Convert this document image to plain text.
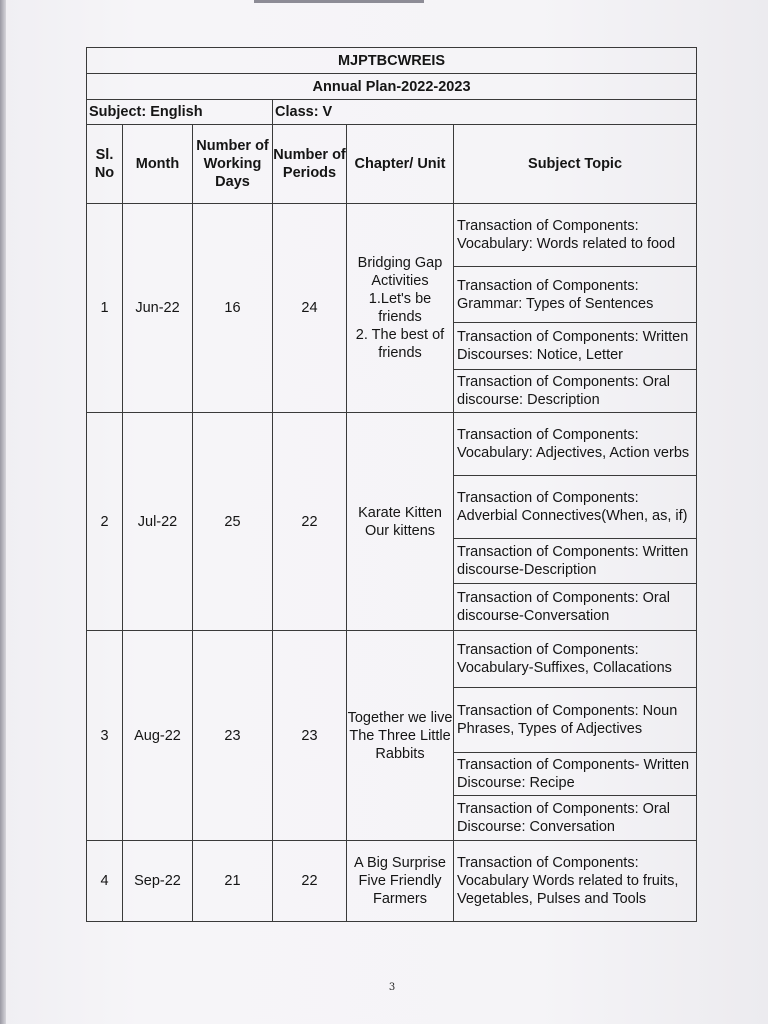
MJPTBCWREIS					
Annual Plan-2022-2023					
Subject: English			Class: V		
Sl. No	Month	Number of Working Days	Number of Periods	Chapter/ Unit	Subject Topic
1	Jun-22	16	24	Bridging Gap Activities
1.Let's be friends
2. The best of friends	Transaction of Components: Vocabulary: Words related to food
					Transaction of Components: Grammar: Types of Sentences
					Transaction of Components: Written Discourses: Notice, Letter
					Transaction of Components: Oral discourse: Description
2	Jul-22	25	22	Karate Kitten
Our kittens	Transaction of Components: Vocabulary: Adjectives, Action verbs
					Transaction of Components: Adverbial Connectives(When, as, if)
					Transaction of Components: Written discourse-Description
					Transaction of Components: Oral discourse-Conversation
3	Aug-22	23	23	Together we live
The Three Little Rabbits	Transaction of Components: Vocabulary-Suffixes, Collacations
					Transaction of Components: Noun Phrases, Types of Adjectives
					Transaction of Components- Written Discourse: Recipe
					Transaction of Components: Oral Discourse: Conversation
4	Sep-22	21	22	A Big Surprise
Five Friendly Farmers	Transaction of Components: Vocabulary Words related to fruits, Vegetables, Pulses and Tools
3
